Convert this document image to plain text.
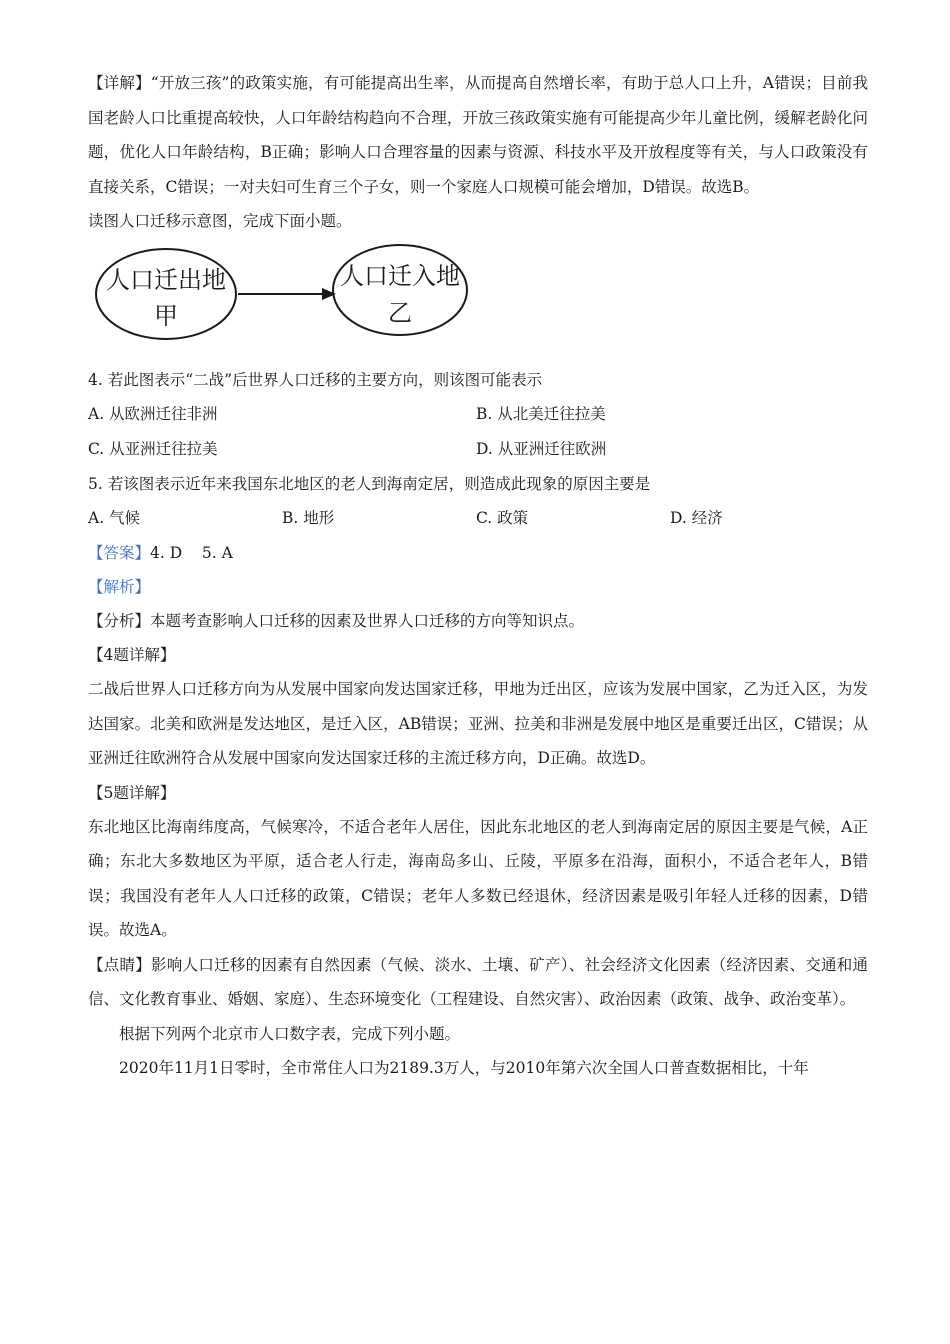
【详解】“开放三孩”的政策实施，有可能提高出生率，从而提高自然增长率，有助于总人口上升，A错误；目前我国老龄人口比重提高较快，人口年龄结构趋向不合理，开放三孩政策实施有可能提高少年儿童比例，缓解老龄化问题，优化人口年龄结构，B正确；影响人口合理容量的因素与资源、科技水平及开放程度等有关，与人口政策没有直接关系，C错误；一对夫妇可生育三个子女，则一个家庭人口规模可能会增加，D错误。故选B。

读图人口迁移示意图，完成下面小题。

人口迁出地
甲
人口迁入地
乙

4. 若此图表示“二战”后世界人口迁移的主要方向，则该图可能表示

A. 从欧洲迁往非洲	B. 从北美迁往拉美
C. 从亚洲迁往拉美	D. 从亚洲迁往欧洲

5. 若该图表示近年来我国东北地区的老人到海南定居，则造成此现象的原因主要是

A. 气候	B. 地形	C. 政策	D. 经济

【答案】4. D    5. A

【解析】

【分析】本题考查影响人口迁移的因素及世界人口迁移的方向等知识点。

【4题详解】

二战后世界人口迁移方向为从发展中国家向发达国家迁移，甲地为迁出区，应该为发展中国家，乙为迁入区，为发达国家。北美和欧洲是发达地区，是迁入区，AB错误；亚洲、拉美和非洲是发展中地区是重要迁出区，C错误；从亚洲迁往欧洲符合从发展中国家向发达国家迁移的主流迁移方向，D正确。故选D。

【5题详解】

东北地区比海南纬度高，气候寒冷，不适合老年人居住，因此东北地区的老人到海南定居的原因主要是气候，A正确；东北大多数地区为平原，适合老人行走，海南岛多山、丘陵，平原多在沿海，面积小，不适合老年人，B错误；我国没有老年人人口迁移的政策，C错误；老年人多数已经退休，经济因素是吸引年轻人迁移的因素，D错误。故选A。

【点睛】影响人口迁移的因素有自然因素（气候、淡水、土壤、矿产）、社会经济文化因素（经济因素、交通和通信、文化教育事业、婚姻、家庭）、生态环境变化（工程建设、自然灾害）、政治因素（政策、战争、政治变革）。

根据下列两个北京市人口数字表，完成下列小题。

2020年11月1日零时，全市常住人口为2189.3万人，与2010年第六次全国人口普查数据相比，十年
